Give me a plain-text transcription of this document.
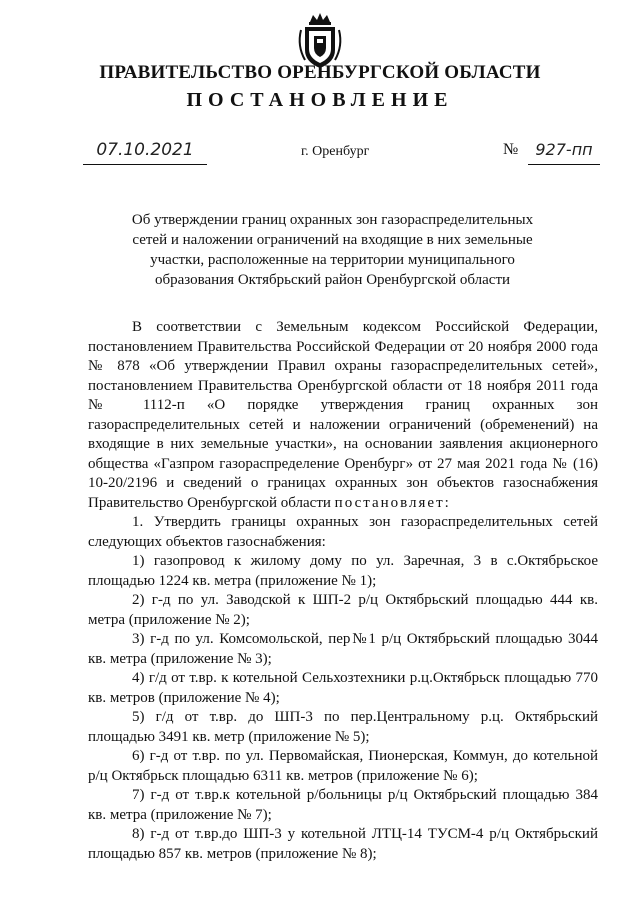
ПРАВИТЕЛЬСТВО ОРЕНБУРГСКОЙ ОБЛАСТИ
ПОСТАНОВЛЕНИЕ
07.10.2021	г. Оренбург	№	927-пп
Об утверждении границ охранных зон газораспределительных сетей и наложении ограничений на входящие в них земельные участки, расположенные на территории муниципального образования Октябрьский район Оренбургской области

В соответствии с Земельным кодексом Российской Федерации, постановлением Правительства Российской Федерации от 20 ноября 2000 года № 878 «Об утверждении Правил охраны газораспределительных сетей», постановлением Правительства Оренбургской области от 18 ноября 2011 года № 1112-п «О порядке утверждения границ охранных зон газораспределительных сетей и наложении ограничений (обременений) на входящие в них земельные участки», на основании заявления акционерного общества «Газпром газораспределение Оренбург» от 27 мая 2021 года № (16) 10-20/2196 и сведений о границах охранных зон объектов газоснабжения Правительство Оренбургской области постановляет:

1. Утвердить границы охранных зон газораспределительных сетей следующих объектов газоснабжения:

1) газопровод к жилому дому по ул. Заречная, 3 в с.Октябрьское площадью 1224 кв. метра (приложение № 1);

2) г-д по ул. Заводской к ШП-2 р/ц Октябрьский площадью 444 кв. метра (приложение № 2);

3) г-д по ул. Комсомольской, пер№1 р/ц Октябрьский площадью 3044 кв. метра (приложение № 3);

4) г/д от т.вр. к котельной Сельхозтехники р.ц.Октябрьск площадью 770 кв. метров (приложение № 4);

5) г/д от т.вр. до ШП-3 по пер.Центральному р.ц. Октябрьский площадью 3491 кв. метр (приложение № 5);

6) г-д от т.вр. по ул. Первомайская, Пионерская, Коммун, до котельной р/ц Октябрьск площадью 6311 кв. метров (приложение № 6);

7) г-д от т.вр.к котельной р/больницы р/ц Октябрьский площадью 384 кв. метра (приложение № 7);

8) г-д от т.вр.до ШП-3 у котельной ЛТЦ-14 ТУСМ-4 р/ц Октябрьский площадью 857 кв. метров (приложение № 8);
